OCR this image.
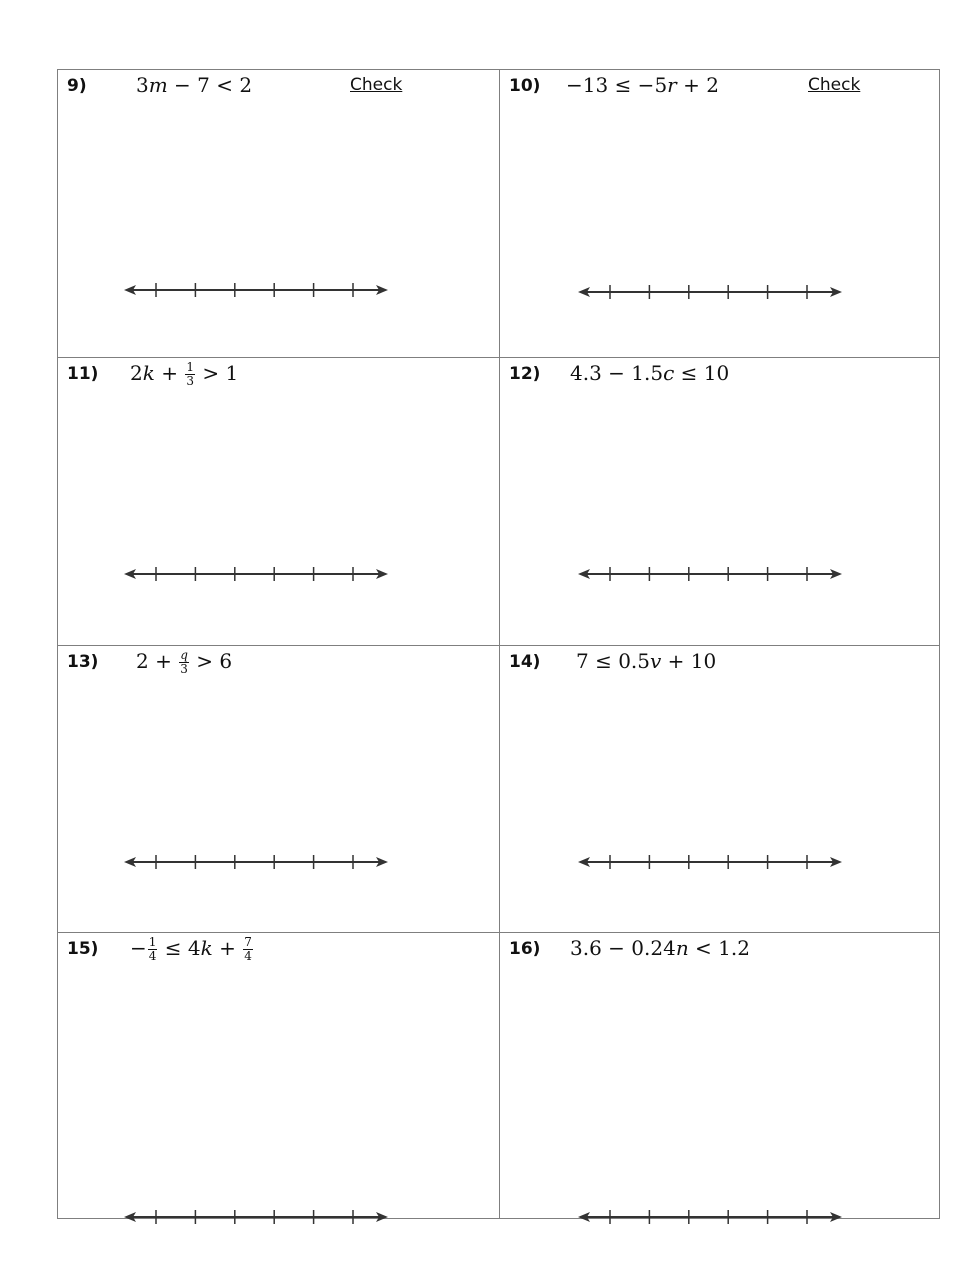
9) 3m − 7 < 2	Check	10) −13 ≤ −5r + 2	Check
11) $2k + \frac{1}{3} > 1$	12) 4.3 − 1.5c ≤ 10
13) $2 + \frac{q}{3} > 6$	14) 7 ≤ 0.5v + 10
$15) - \frac{1}{4} \le 4k + \frac{7}{4}$	16) 3.6 − 0.24n < 1.2
